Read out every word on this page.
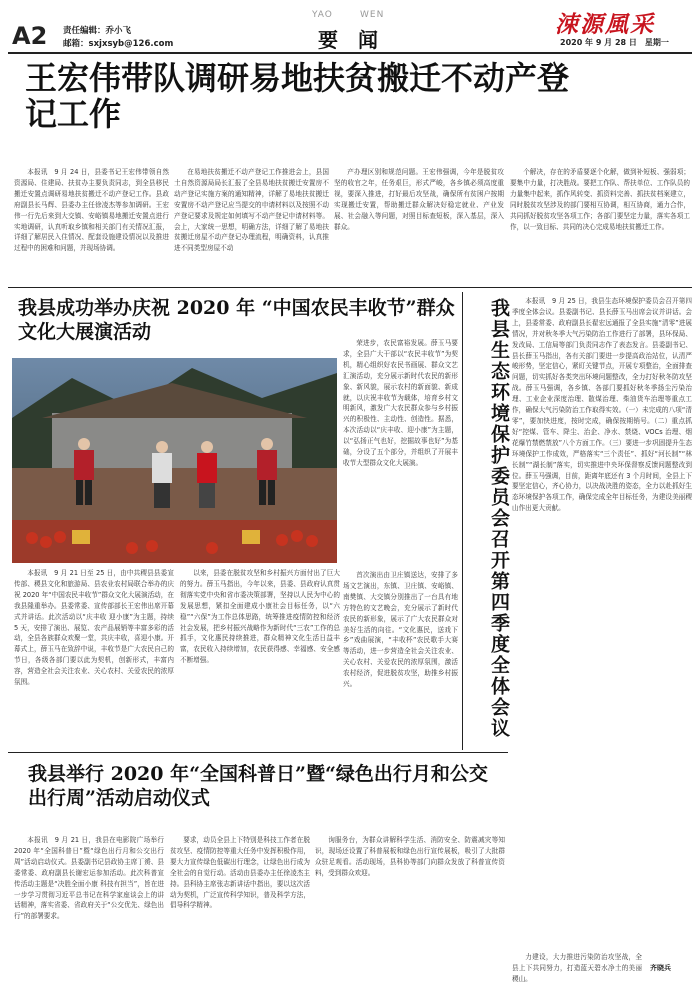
A2 责任编辑：乔小飞
邮箱：sxjxsyb@126.com
YAO	WEN
要　闻
涑源風采
2020 年 9 月 28 日　星期一
王宏伟带队调研易地扶贫搬迁不动产登记工作

本报讯　9 月 24 日，县委书记王宏伟带领自然资源局、住建局、扶贫办主要负责同志，到全县移民搬迁安置点调研易地扶贫搬迁不动产登记工作。县政府副县长马辉、县委办主任徐凌杰等参加调研。王宏伟一行先后来到大交镇、安峪镇易地搬迁安置点进行实地调研，认真听取乡镇和相关部门有关情况汇报，详细了解居民入住情况、配套设施建设情况以及推进过程中的困难和问题，并现场协调。

在易地扶贫搬迁不动产登记工作推进会上，县国土自然资源局局长汇报了全县易地扶贫搬迁安置房不动产登记实施方案的通知精神，详解了易地扶贫搬迁安置房不动产登记应当提交的申请材料以及按照不动产登记要求及规定如何填写不动产登记申请材料等。会上，大家统一思想，明确方法，详细了解了易地扶贫搬迁房屋不动产登记办理流程，明确资料，认真推进不同类型房屋不动

产办理区别和规范问题。王宏伟强调，今年是脱贫攻坚的收官之年，任务艰巨，形式严峻，各乡镇必须高度重视，要深入推进，打好最后攻坚战，确保所有贫困户按期实现搬迁安置，帮助搬迁群众解决好稳定就业、产业发展、社会融入等问题，对照目标查短板，深入基层，深入群众。

个解决，存在的矛盾要逐个化解，做到补短板、强弱项；要集中力量，打决胜战。要把工作队、帮扶单位、工作队员的力量集中起来，抓作风转变、抓资料完善、抓扶贫档案建立，同时脱贫攻坚涉及的部门要相互协调，相互协商，通力合作，共同抓好脱贫攻坚各项工作；各部门要坚定力量，落实各项工作，以一致目标、共同的决心完成易地扶贫搬迁工作。

我县成功举办庆祝 2020 年 “中国农民丰收节”群众文化大展演活动

本报讯　9 月 21 日至 25 日，由中共稷县县委宣传部、稷县文化和旅游局、县农业农村局联合举办的庆祝 2020 年“中国农民丰收节”群众文化大展演活动，在我县隆重举办。县委常委、宣传部部长王宏伟出席开幕式并讲话。此次活动以“庆丰收 迎小康”为主题，持续 5 天，安排了演出、展览、农产品展销等丰富多彩的活动，全县各族群众欢聚一堂，共庆丰收，喜迎小康。开幕式上，薛玉马在致辞中说，丰收节是广大农民自己的节日，各级各部门要以此为契机，创新形式，丰富内容，营造全社会关注农业、关心农村、关爱农民的浓厚氛围。

以来，县委在脱贫攻坚和乡村振兴方面付出了巨大的努力。薛玉马指出，今年以来，县委、县政府认真贯彻落实党中央和省市委决策部署，坚持以人民为中心的发展思想，紧扣全面建成小康社会目标任务，以“六稳”“六保”为工作总体思路，统筹推进疫情防控和经济社会发展，把乡村振兴战略作为新时代“三农”工作的总抓手，文化惠民持续推进，群众精神文化生活日益丰富，农民收入持续增加，农民获得感、幸福感、安全感不断增强。

荣进步，农民富裕发展。薛玉马要求，全县广大干部以“农民丰收节”为契机，精心组织好农民书画展、群众文艺汇演活动，充分展示新时代农民的新形象、新风貌，展示农村的新面貌、新成就，以庆祝丰收节为载体，培育乡村文明新风，激发广大农民群众参与乡村振兴的积极性、主动性、创造性。据悉，本次活动以“庆丰收、迎小康”为主题，以“弘扬正气也好，挖掘故事也好”为基础，分设了五个部分，并组织了开展丰收节大型群众文化大展演。

首次演出由卫庄镇送达，安排了多场文艺演出，东镇、卫庄镇、安峪镇、南樊镇、大交镇分别推出了一台具有地方特色的文艺晚会，充分展示了新时代农民的新形象，展示了广大农民群众对美好生活的向往。“文化惠民，送戏下乡”戏曲展演，“丰收杯”农民歌手大赛等活动，进一步营造全社会关注农业、关心农村、关爱农民的浓厚氛围，激活农村经济，促进脱贫攻坚，助推乡村振兴。	我县生态环境保护委员会召开第四季度全体会议	本报讯　9 月 25 日，我县生态环境保护委员会召开第四季度全体会议。县委副书记、县长薛玉马出席会议并讲话。会上，县委常委、政府副县长翟宏远通报了全县实施“清零”进展情况，并对秋冬季大气污染防治工作进行了部署，县环保局、发改局、工信局等部门负责同志作了表态发言。县委副书记、县长薛玉马指出，各有关部门要进一步提高政治站位，认清严峻形势，坚定信心，紧盯关键节点，开展专项整治，全面排查问题，切实抓好各类突出环境问题整改，全力打好秋冬防攻坚战。薛玉马强调，各乡镇、各部门要抓好秋冬季扬尘污染治理、工业企业深度治理、散煤治理、柴油货车治理等重点工作，确保大气污染防治工作取得实效。（一）未完成的八项“清零”，要加快进度，按时完成，确保按期销号。（二）重点抓好“控煤、管车、降尘、治企、净水、禁烧、VOCs 治理、烟花爆竹禁燃禁放”八个方面工作。（三）要进一步巩固提升生态环境保护工作成效，严格落实“三个责任”、抓好“河长制”“林长制”“湖长制”落实，切实推进中央环保督察反馈问题整改到位。薛玉马强调，目前，距离年底还有 3 个月时间，全县上下要坚定信心，齐心协力，以决战决胜的姿态，全力以赴抓好生态环境保护各项工作，确保完成全年目标任务，为建设美丽稷山作出更大贡献。

我县举行 2020 年“全国科普日”暨“绿色出行月和公交出行周”活动启动仪式

本报讯　9 月 21 日，我县在电影院广场举行 2020 年“全国科普日”暨“绿色出行月和公交出行周”活动启动仪式。县委副书记县政协主席丁赟、县委常委、政府副县长谢宏运参加活动。此次科普宣传活动主题是“决胜全面小康 科技有担当”，旨在进一步学习贯彻习近平总书记在科学家座谈会上的讲话精神，落实省委、省政府关于“公交优先、绿色出行”的部署要求。

要求，动员全县上下特别是科技工作者在脱贫攻坚、疫情防控等重大任务中发挥积极作用，要大力宣传绿色低碳出行理念，让绿色出行成为全社会的自觉行动。活动由县委办主任徐凌杰主持。县科协主席张志新讲话中指出，要以这次活动为契机，广泛宣传科学知识，普及科学方法，倡导科学精神。

询服务台，为群众讲解科学生活、消防安全、防震减灾等知识，现场还设置了科普展板和绿色出行宣传展板，吸引了大批群众驻足观看。活动现场，县科协等部门向群众发放了科普宣传资料，受到群众欢迎。

力建设，大力推进污染防治攻坚战，全县上下共同努力，打造蓝天碧水净土的美丽稷山。

齐晓兵
